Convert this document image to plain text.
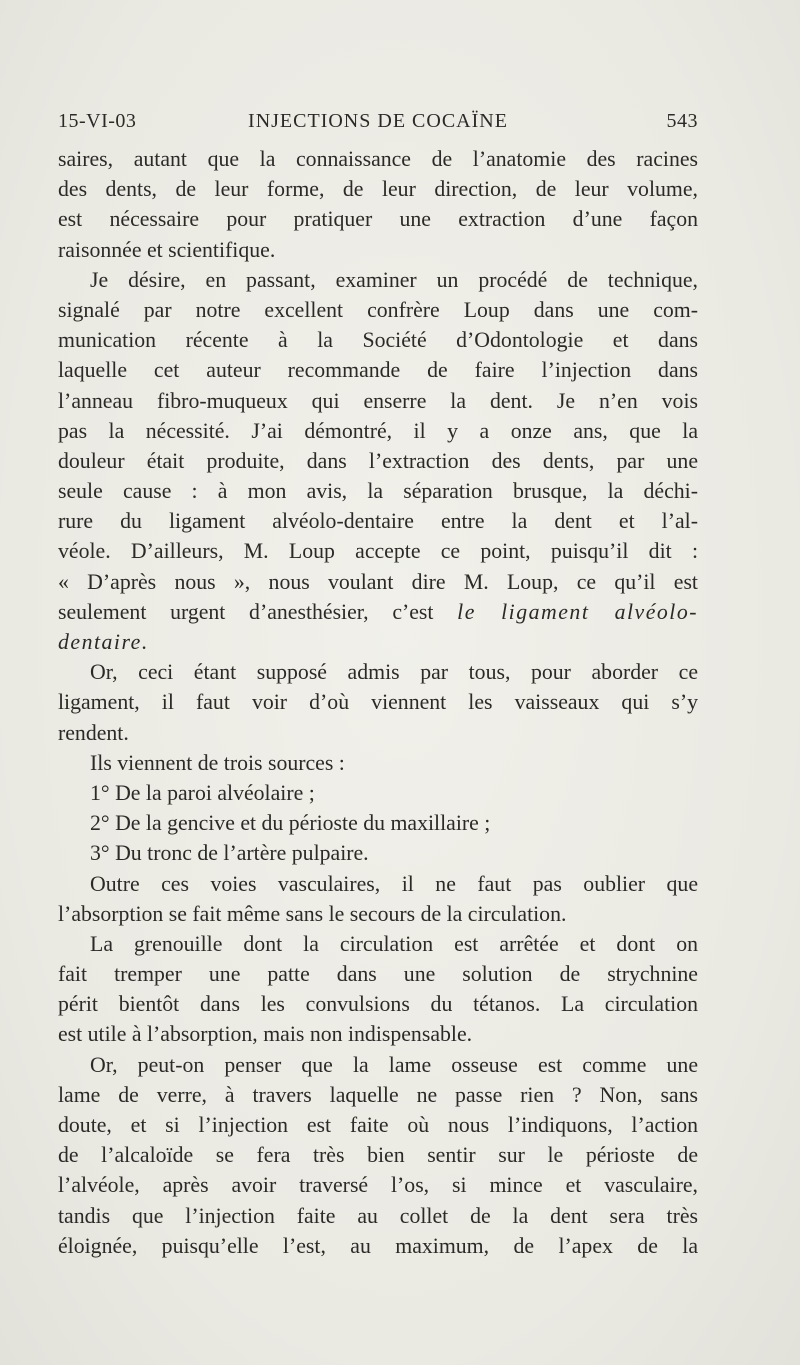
15-VI-03	INJECTIONS DE COCAÏNE	543
saires, autant que la connaissance de l’anatomie des racines
des dents, de leur forme, de leur direction, de leur volume,
est nécessaire pour pratiquer une extraction d’une façon
raisonnée et scientifique.
Je désire, en passant, examiner un procédé de technique,
signalé par notre excellent confrère Loup dans une com-
munication récente à la Société d’Odontologie et dans
laquelle cet auteur recommande de faire l’injection dans
l’anneau fibro-muqueux qui enserre la dent. Je n’en vois
pas la nécessité. J’ai démontré, il y a onze ans, que la
douleur était produite, dans l’extraction des dents, par une
seule cause : à mon avis, la séparation brusque, la déchi-
rure du ligament alvéolo-dentaire entre la dent et l’al-
véole. D’ailleurs, M. Loup accepte ce point, puisqu’il dit :
« D’après nous », nous voulant dire M. Loup, ce qu’il est
seulement urgent d’anesthésier, c’est le ligament alvéolo-
dentaire.
Or, ceci étant supposé admis par tous, pour aborder ce
ligament, il faut voir d’où viennent les vaisseaux qui s’y
rendent.
Ils viennent de trois sources :
1° De la paroi alvéolaire ;
2° De la gencive et du périoste du maxillaire ;
3° Du tronc de l’artère pulpaire.
Outre ces voies vasculaires, il ne faut pas oublier que
l’absorption se fait même sans le secours de la circulation.
La grenouille dont la circulation est arrêtée et dont on
fait tremper une patte dans une solution de strychnine
périt bientôt dans les convulsions du tétanos. La circulation
est utile à l’absorption, mais non indispensable.
Or, peut-on penser que la lame osseuse est comme une
lame de verre, à travers laquelle ne passe rien ? Non, sans
doute, et si l’injection est faite où nous l’indiquons, l’action
de l’alcaloïde se fera très bien sentir sur le périoste de
l’alvéole, après avoir traversé l’os, si mince et vasculaire,
tandis que l’injection faite au collet de la dent sera très
éloignée, puisqu’elle l’est, au maximum, de l’apex de la
